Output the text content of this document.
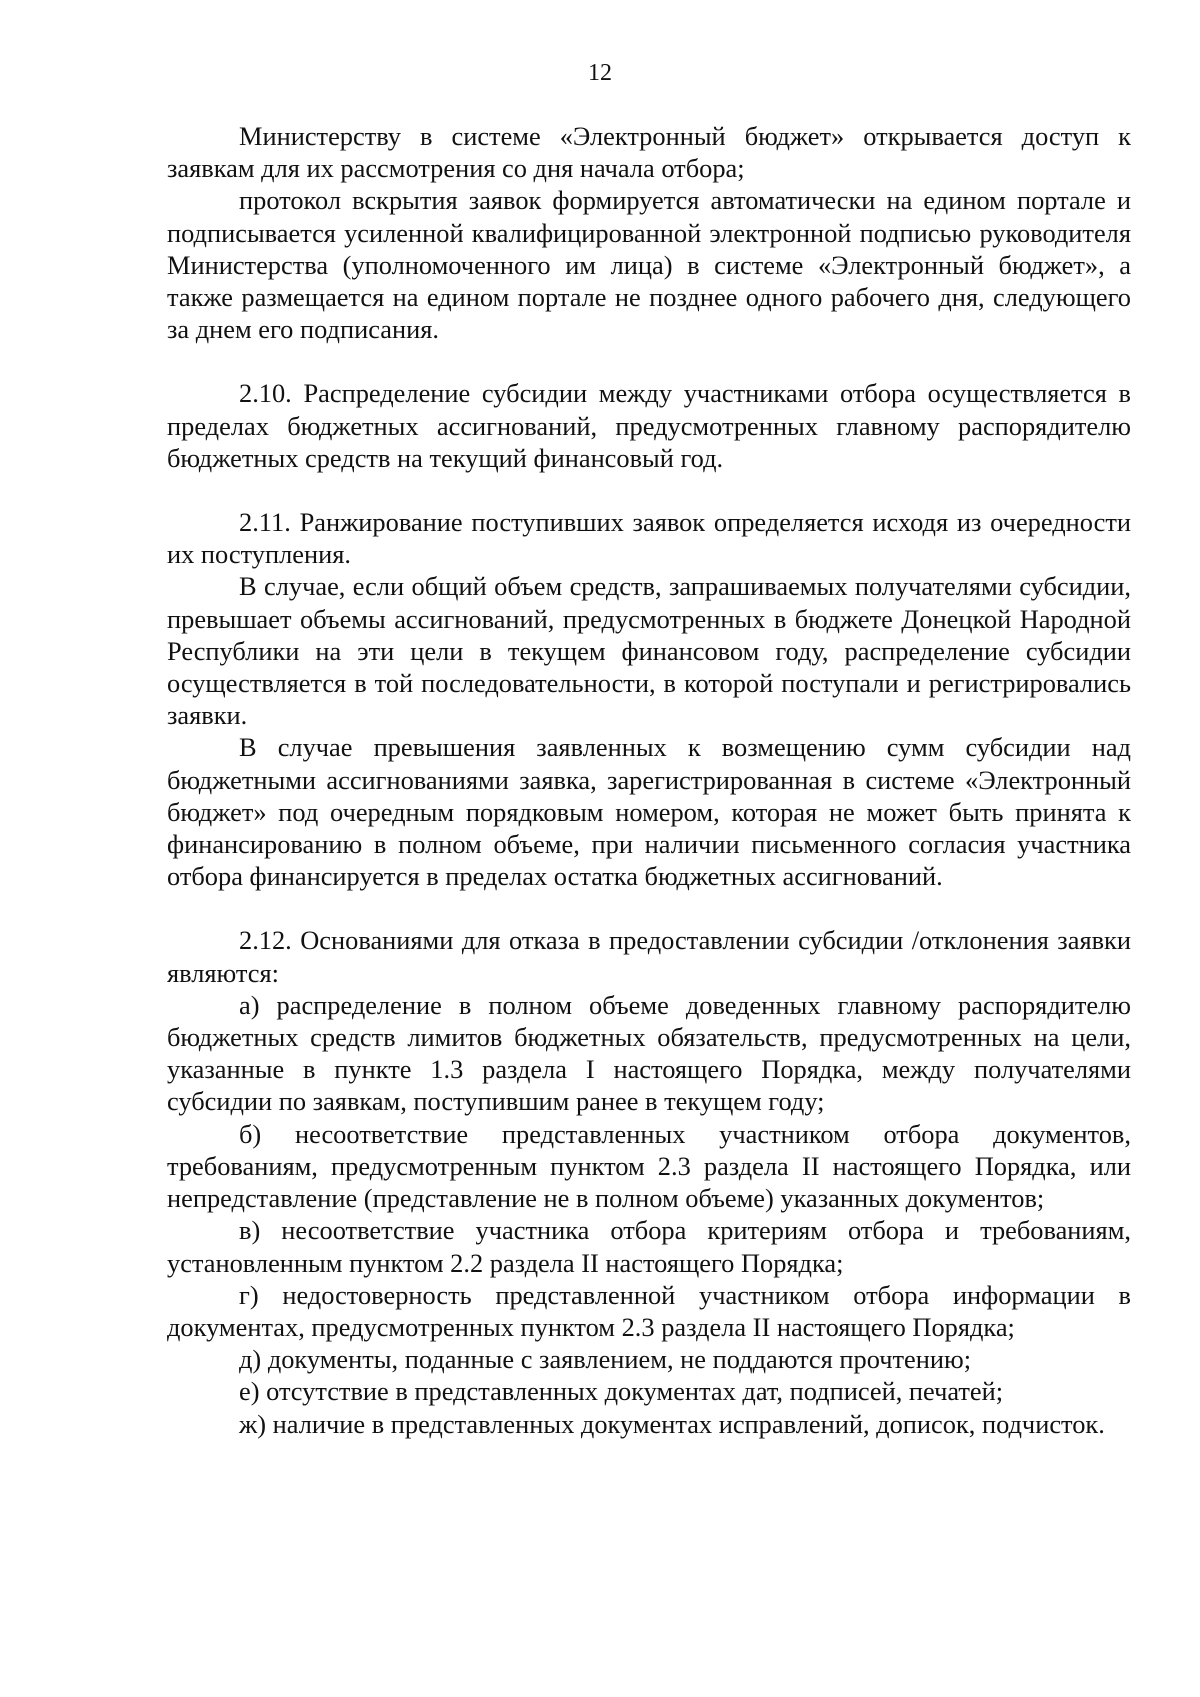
12

Министерству в системе «Электронный бюджет» открывается доступ к заявкам для их рассмотрения со дня начала отбора;

протокол вскрытия заявок формируется автоматически на едином портале и подписывается усиленной квалифицированной электронной подписью руководителя Министерства (уполномоченного им лица) в системе «Электронный бюджет», а также размещается на едином портале не позднее одного рабочего дня, следующего за днем его подписания.

2.10. Распределение субсидии между участниками отбора осуществляется в пределах бюджетных ассигнований, предусмотренных главному распорядителю бюджетных средств на текущий финансовый год.

2.11. Ранжирование поступивших заявок определяется исходя из очередности их поступления.

В случае, если общий объем средств, запрашиваемых получателями субсидии, превышает объемы ассигнований, предусмотренных в бюджете Донецкой Народной Республики на эти цели в текущем финансовом году, распределение субсидии осуществляется в той последовательности, в которой поступали и регистрировались заявки.

В случае превышения заявленных к возмещению сумм субсидии над бюджетными ассигнованиями заявка, зарегистрированная в системе «Электронный бюджет» под очередным порядковым номером, которая не может быть принята к финансированию в полном объеме, при наличии письменного согласия участника отбора финансируется в пределах остатка бюджетных ассигнований.

2.12. Основаниями для отказа в предоставлении субсидии /отклонения заявки являются:

а) распределение в полном объеме доведенных главному распорядителю бюджетных средств лимитов бюджетных обязательств, предусмотренных на цели, указанные в пункте 1.3 раздела I настоящего Порядка, между получателями субсидии по заявкам, поступившим ранее в текущем году;

б) несоответствие представленных участником отбора документов, требованиям, предусмотренным пунктом 2.3 раздела II настоящего Порядка, или непредставление (представление не в полном объеме) указанных документов;

в) несоответствие участника отбора критериям отбора и требованиям, установленным пунктом 2.2 раздела II настоящего Порядка;

г) недостоверность представленной участником отбора информации в документах, предусмотренных пунктом 2.3 раздела II настоящего Порядка;

д) документы, поданные с заявлением, не поддаются прочтению;

е) отсутствие в представленных документах дат, подписей, печатей;

ж) наличие в представленных документах исправлений, дописок, подчисток.
